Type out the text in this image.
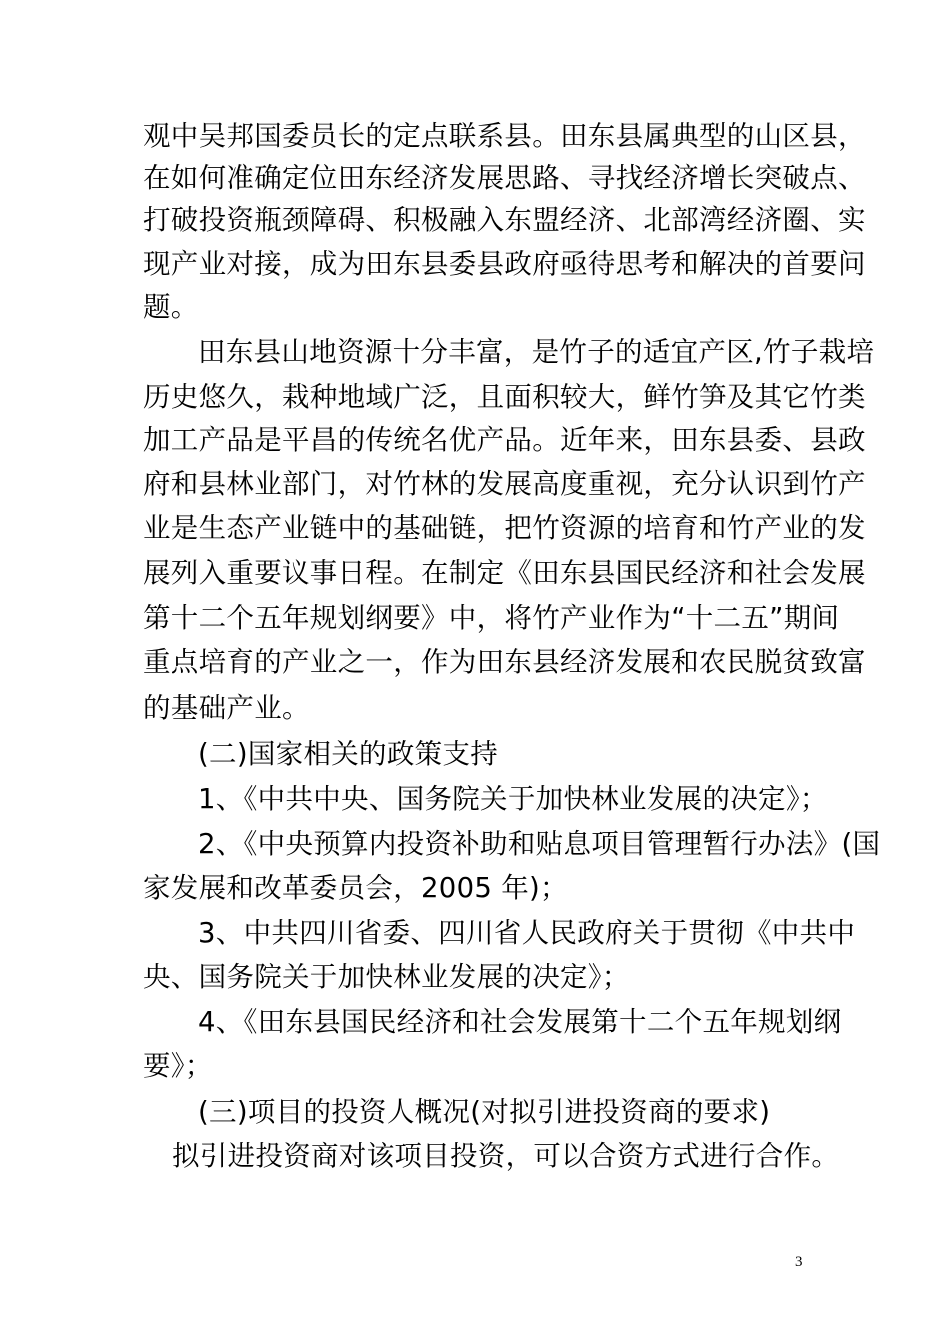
观中吴邦国委员长的定点联系县。田东县属典型的山区县，
在如何准确定位田东经济发展思路、寻找经济增长突破点、
打破投资瓶颈障碍、积极融入东盟经济、北部湾经济圈、实
现产业对接，成为田东县委县政府亟待思考和解决的首要问
题。
田东县山地资源十分丰富，是竹子的适宜产区,竹子栽培
历史悠久，栽种地域广泛，且面积较大，鲜竹笋及其它竹类
加工产品是平昌的传统名优产品。近年来，田东县委、县政
府和县林业部门，对竹林的发展高度重视，充分认识到竹产
业是生态产业链中的基础链，把竹资源的培育和竹产业的发
展列入重要议事日程。在制定《田东县国民经济和社会发展
第十二个五年规划纲要》中，将竹产业作为“十二五”期间
重点培育的产业之一，作为田东县经济发展和农民脱贫致富
的基础产业。
(二)国家相关的政策支持
1、《中共中央、国务院关于加快林业发展的决定》；
2、《中央预算内投资补助和贴息项目管理暂行办法》(国
家发展和改革委员会，2005 年)；
3、中共四川省委、四川省人民政府关于贯彻《中共中
央、国务院关于加快林业发展的决定》；
4、《田东县国民经济和社会发展第十二个五年规划纲
要》；
(三)项目的投资人概况(对拟引进投资商的要求)
拟引进投资商对该项目投资，可以合资方式进行合作。
3
